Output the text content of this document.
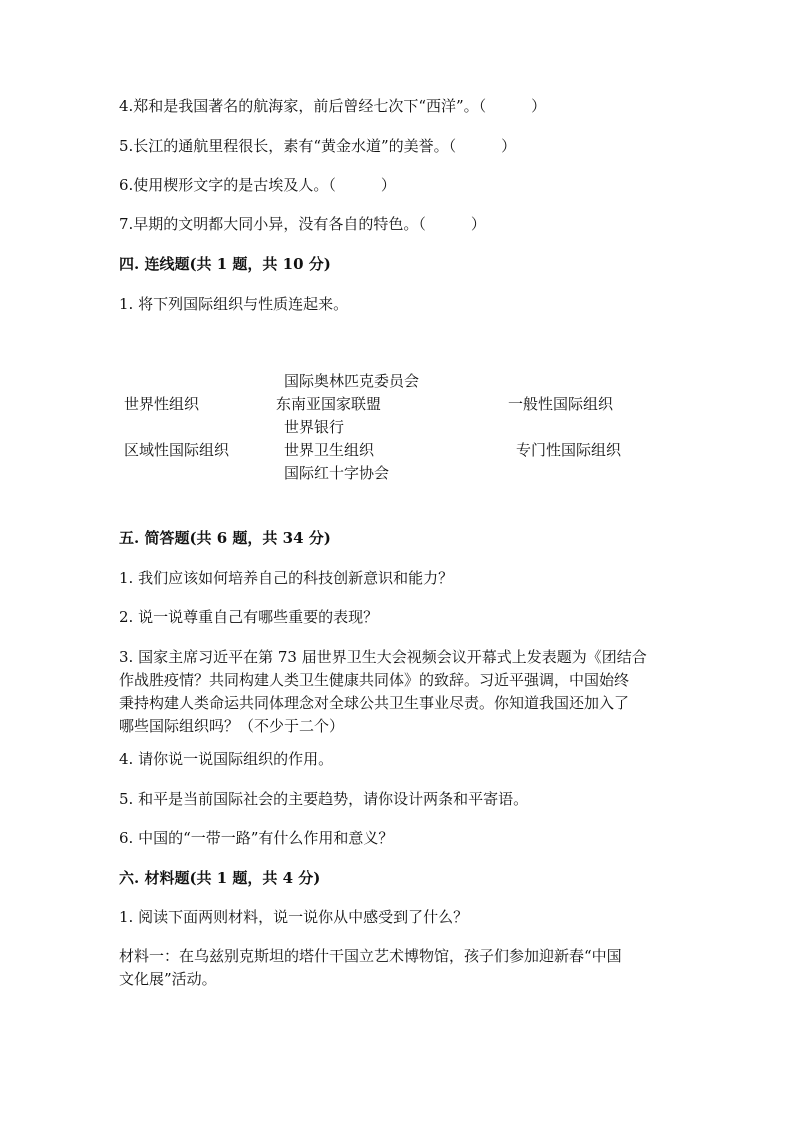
4.郑和是我国著名的航海家，前后曾经七次下“西洋”。（　　　）

5.长江的通航里程很长，素有“黄金水道”的美誉。（　　　）

6.使用楔形文字的是古埃及人。（　　　）

7.早期的文明都大同小异，没有各自的特色。（　　　）

四. 连线题(共 1 题，共 10 分)

1. 将下列国际组织与性质连起来。

世界性组织
区域性国际组织
国际奥林匹克委员会
东南亚国家联盟
世界银行
世界卫生组织
国际红十字协会
一般性国际组织
专门性国际组织
五. 简答题(共 6 题，共 34 分)

1. 我们应该如何培养自己的科技创新意识和能力？

2. 说一说尊重自己有哪些重要的表现？

3. 国家主席习近平在第 73 届世界卫生大会视频会议开幕式上发表题为《团结合

作战胜疫情？共同构建人类卫生健康共同体》的致辞。习近平强调，中国始终

秉持构建人类命运共同体理念对全球公共卫生事业尽责。你知道我国还加入了

哪些国际组织吗？（不少于二个）

4. 请你说一说国际组织的作用。

5. 和平是当前国际社会的主要趋势，请你设计两条和平寄语。

6. 中国的“一带一路”有什么作用和意义？

六. 材料题(共 1 题，共 4 分)

1. 阅读下面两则材料，说一说你从中感受到了什么？

材料一：在乌兹别克斯坦的塔什干国立艺术博物馆，孩子们参加迎新春“中国

文化展”活动。
